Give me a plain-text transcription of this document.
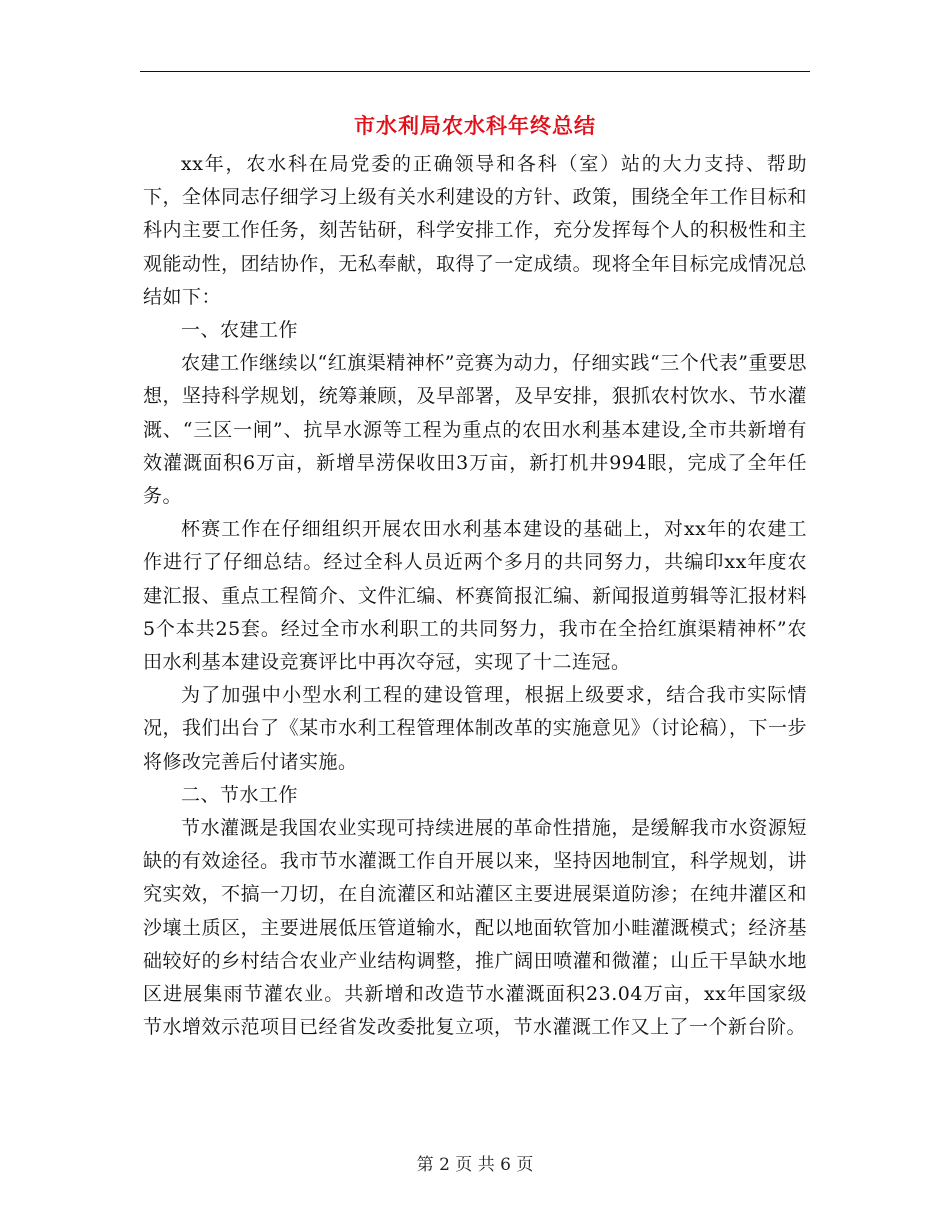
市水利局农水科年终总结

xx年，农水科在局党委的正确领导和各科（室）站的大力支持、帮助下，全体同志仔细学习上级有关水利建设的方针、政策，围绕全年工作目标和科内主要工作任务，刻苦钻研，科学安排工作，充分发挥每个人的积极性和主观能动性，团结协作，无私奉献，取得了一定成绩。现将全年目标完成情况总结如下：

一、农建工作

农建工作继续以“红旗渠精神杯”竞赛为动力，仔细实践“三个代表”重要思想，坚持科学规划，统筹兼顾，及早部署，及早安排，狠抓农村饮水、节水灌溉、“三区一闸”、抗旱水源等工程为重点的农田水利基本建设,全市共新增有效灌溉面积6万亩，新增旱涝保收田3万亩，新打机井994眼，完成了全年任务。

杯赛工作在仔细组织开展农田水利基本建设的基础上，对xx年的农建工作进行了仔细总结。经过全科人员近两个多月的共同努力，共编印xx年度农建汇报、重点工程简介、文件汇编、杯赛简报汇编、新闻报道剪辑等汇报材料5个本共25套。经过全市水利职工的共同努力，我市在全拾红旗渠精神杯”农田水利基本建设竞赛评比中再次夺冠，实现了十二连冠。

为了加强中小型水利工程的建设管理，根据上级要求，结合我市实际情况，我们出台了《某市水利工程管理体制改革的实施意见》（讨论稿），下一步将修改完善后付诸实施。

二、节水工作

节水灌溉是我国农业实现可持续进展的革命性措施，是缓解我市水资源短缺的有效途径。我市节水灌溉工作自开展以来，坚持因地制宜，科学规划，讲究实效，不搞一刀切，在自流灌区和站灌区主要进展渠道防渗；在纯井灌区和沙壤土质区，主要进展低压管道输水，配以地面软管加小畦灌溉模式；经济基础较好的乡村结合农业产业结构调整，推广阔田喷灌和微灌；山丘干旱缺水地区进展集雨节灌农业。共新增和改造节水灌溉面积23.04万亩，xx年国家级节水增效示范项目已经省发改委批复立项，节水灌溉工作又上了一个新台阶。

第 2 页 共 6 页
